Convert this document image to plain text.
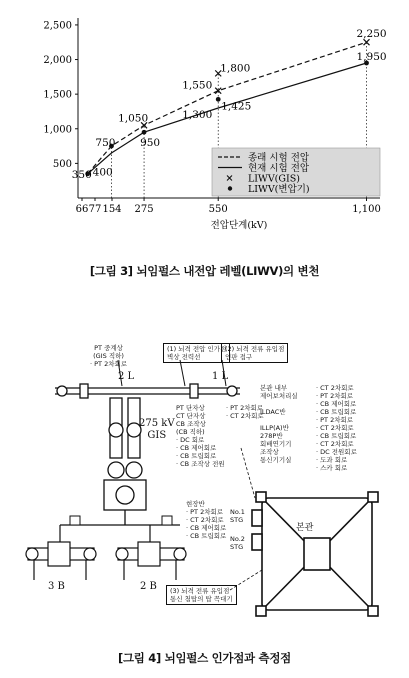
500
1,000
1,500
2,000
2,500
66 77 154 275	550	1,100
전압단계(kV)
350 400
750 950
1,050	1,300
1,425
1,550
1,800
1,950
2,250
종래 시험 전압
현재 시험 전압
LIWV(GIS)
LIWV(변압기)
[그림 3] 뇌임펄스 내전압 레벨(LIWV)의 변천
PT 중계상
(GIS 직하)
· PT 2차회로
(1) 뇌격 전압 인가점
벽상 전력선
(2) 뇌격 전류 유입점
인판 접구
2 L	1 L
275 kV
GIS
PT 단자상
CT 단자상
CB 조작상
(CB 직하)
· DC 회로
· CB 제어회로
· CB 트립회로
· CB 조작상 전원
· PT 2차회로
· CT 2차회로
현장반
· PT 2차회로
· CT 2차회로
· CB 제어회로
· CB 트립회로
본관 내부
제어보처리실

ILDAC반

ILLP(A)반
278P반
회배연기기
조작상
통신기기실
· CT 2차회로
· PT 2차회로
· CB 제어회로
· CB 트립회로
· PT 2차회로
· CT 2차회로
· CB 트립회로
· CT 2차회로
· DC 전원회로
· 도과 회로
· 스카 회로
3 B	2 B
No.1 STG
No.2 STG
본관
(3) 뇌격 전류 유입점
통신 첨탑의 탑 꼭대기
[그림 4] 뇌임펄스 인가점과 측정점
